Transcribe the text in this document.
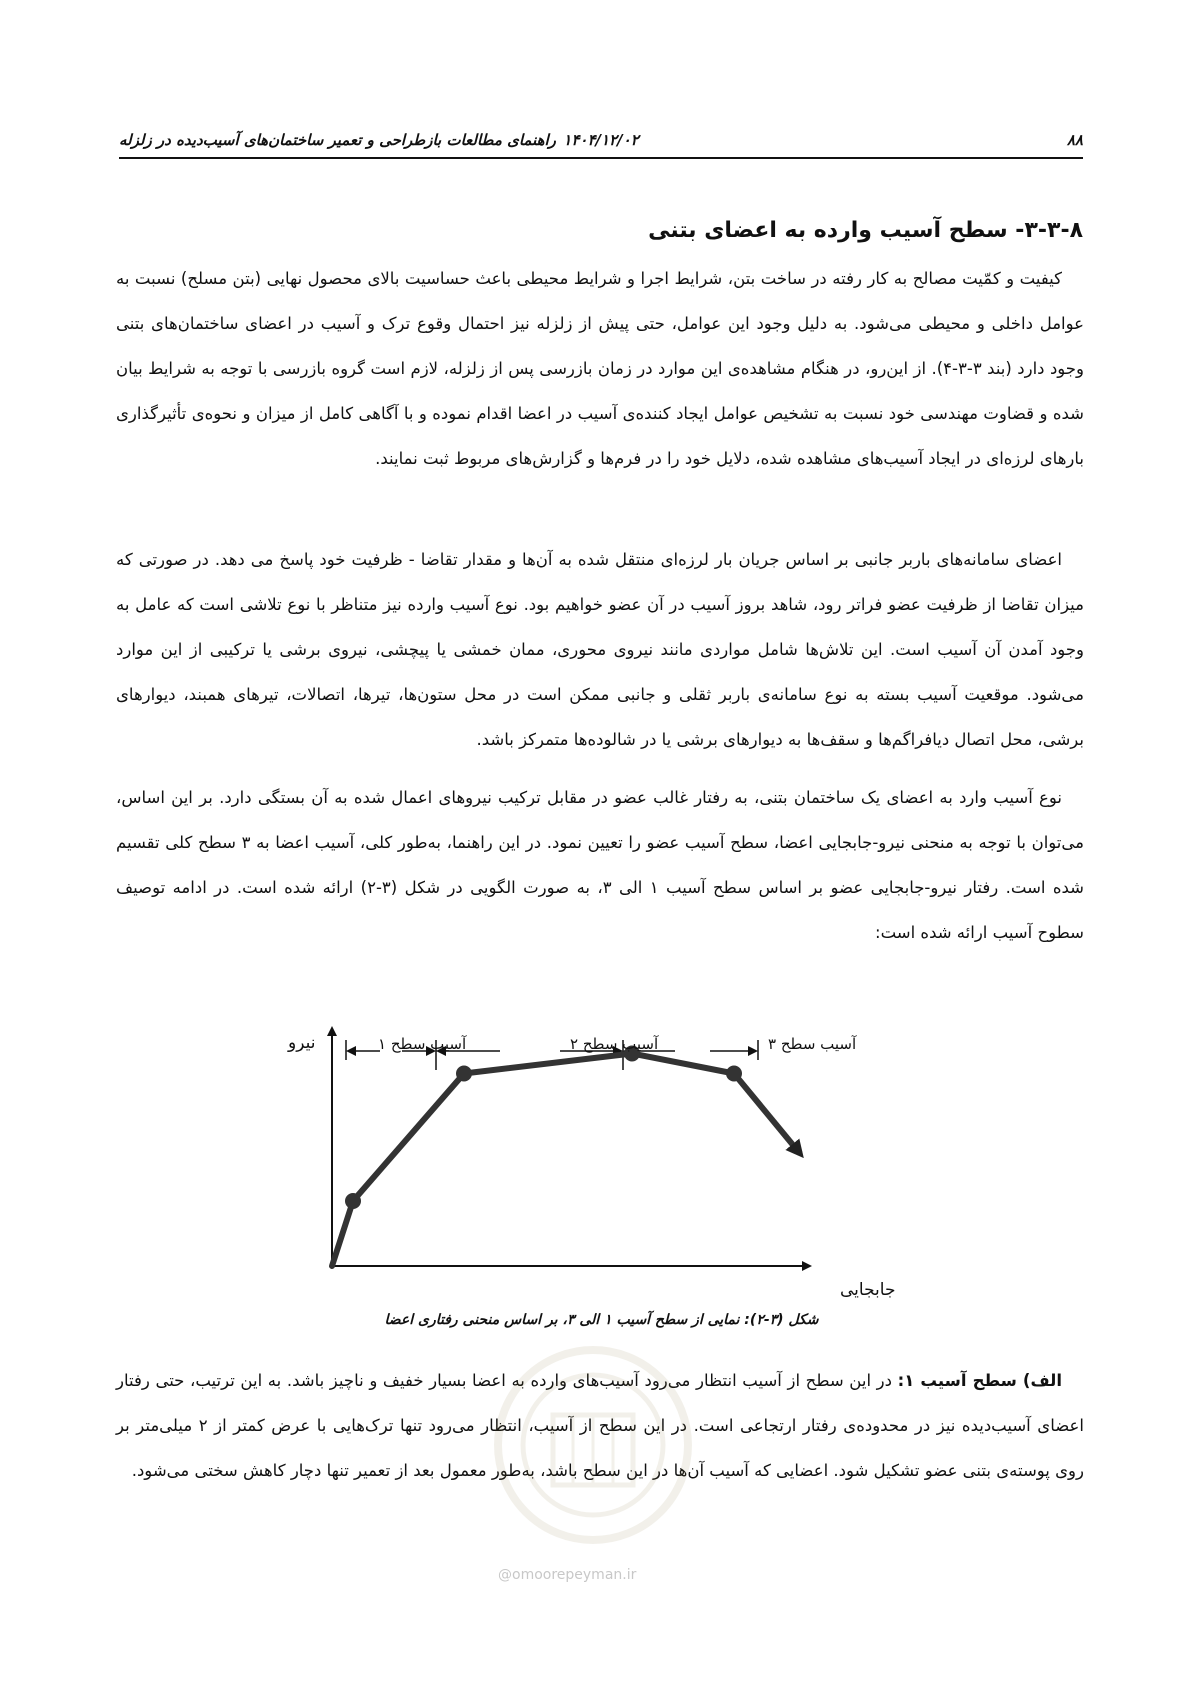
۸۸
۱۴۰۴/۱۲/۰۲
راهنمای مطالعات بازطراحی و تعمیر ساختمان‌های آسیب‌دیده در زلزله
۳-۳-۸- سطح آسیب وارده به اعضای بتنی

کیفیت و کمّیت مصالح به کار رفته در ساخت بتن، شرایط اجرا و شرایط محیطی باعث حساسیت بالای محصول نهایی (بتن مسلح) نسبت به عوامل داخلی و محیطی می‌شود. به دلیل وجود این عوامل، حتی پیش از زلزله نیز احتمال وقوع ترک و آسیب در اعضای ساختمان‌های بتنی وجود دارد (بند ۳-۳-۴). از این‌رو، در هنگام مشاهده‌ی این موارد در زمان بازرسی پس از زلزله، لازم است گروه بازرسی با توجه به شرایط بیان شده و قضاوت مهندسی خود نسبت به تشخیص عوامل ایجاد کننده‌ی آسیب در اعضا اقدام نموده و با آگاهی کامل از میزان و نحوه‌ی تأثیرگذاری بارهای لرزه‌ای در ایجاد آسیب‌های مشاهده شده، دلایل خود را در فرم‌ها و گزارش‌های مربوط ثبت نمایند.

اعضای سامانه‌های باربر جانبی بر اساس جریان بار لرزه‌ای منتقل شده به آن‌ها و مقدار تقاضا - ظرفیت خود پاسخ می دهد. در صورتی که میزان تقاضا از ظرفیت عضو فراتر رود، شاهد بروز آسیب در آن عضو خواهیم بود. نوع آسیب وارده نیز متناظر با نوع تلاشی است که عامل به وجود آمدن آن آسیب است. این تلاش‌ها شامل مواردی مانند نیروی محوری، ممان خمشی یا پیچشی، نیروی برشی یا ترکیبی از این موارد می‌شود. موقعیت آسیب بسته به نوع سامانه‌ی باربر ثقلی و جانبی ممکن است در محل ستون‌ها، تیرها، اتصالات، تیرهای همبند، دیوارهای برشی، محل اتصال دیافراگم‌ها و سقف‌ها به دیوارهای برشی یا در شالوده‌ها متمرکز باشد.

نوع آسیب وارد به اعضای یک ساختمان بتنی، به رفتار غالب عضو در مقابل ترکیب نیروهای اعمال شده به آن بستگی دارد. بر این اساس، می‌توان با توجه به منحنی نیرو-جابجایی اعضا، سطح آسیب عضو را تعیین نمود. در این راهنما، به‌طور کلی، آسیب اعضا به ۳ سطح کلی تقسیم شده است. رفتار نیرو-جابجایی عضو بر اساس سطح آسیب ۱ الی ۳، به صورت الگویی در شکل (۳-۲) ارائه شده است. در ادامه توصیف سطوح آسیب ارائه شده است:

نیرو
جابجایی
آسیب سطح ۱	آسیب سطح ۲	آسیب سطح ۳

شکل (۳-۲): نمایی از سطح آسیب ۱ الی ۳، بر اساس منحنی رفتاری اعضا

الف) سطح آسیب ۱: در این سطح از آسیب انتظار می‌رود آسیب‌های وارده به اعضا بسیار خفیف و ناچیز باشد. به این ترتیب، حتی رفتار اعضای آسیب‌دیده نیز در محدوده‌ی رفتار ارتجاعی است. در این سطح از آسیب، انتظار می‌رود تنها ترک‌هایی با عرض کمتر از ۲ میلی‌متر بر روی پوسته‌ی بتنی عضو تشکیل شود. اعضایی که آسیب آن‌ها در این سطح باشد، به‌طور معمول بعد از تعمیر تنها دچار کاهش سختی می‌شود.

@omoorepeyman.ir
